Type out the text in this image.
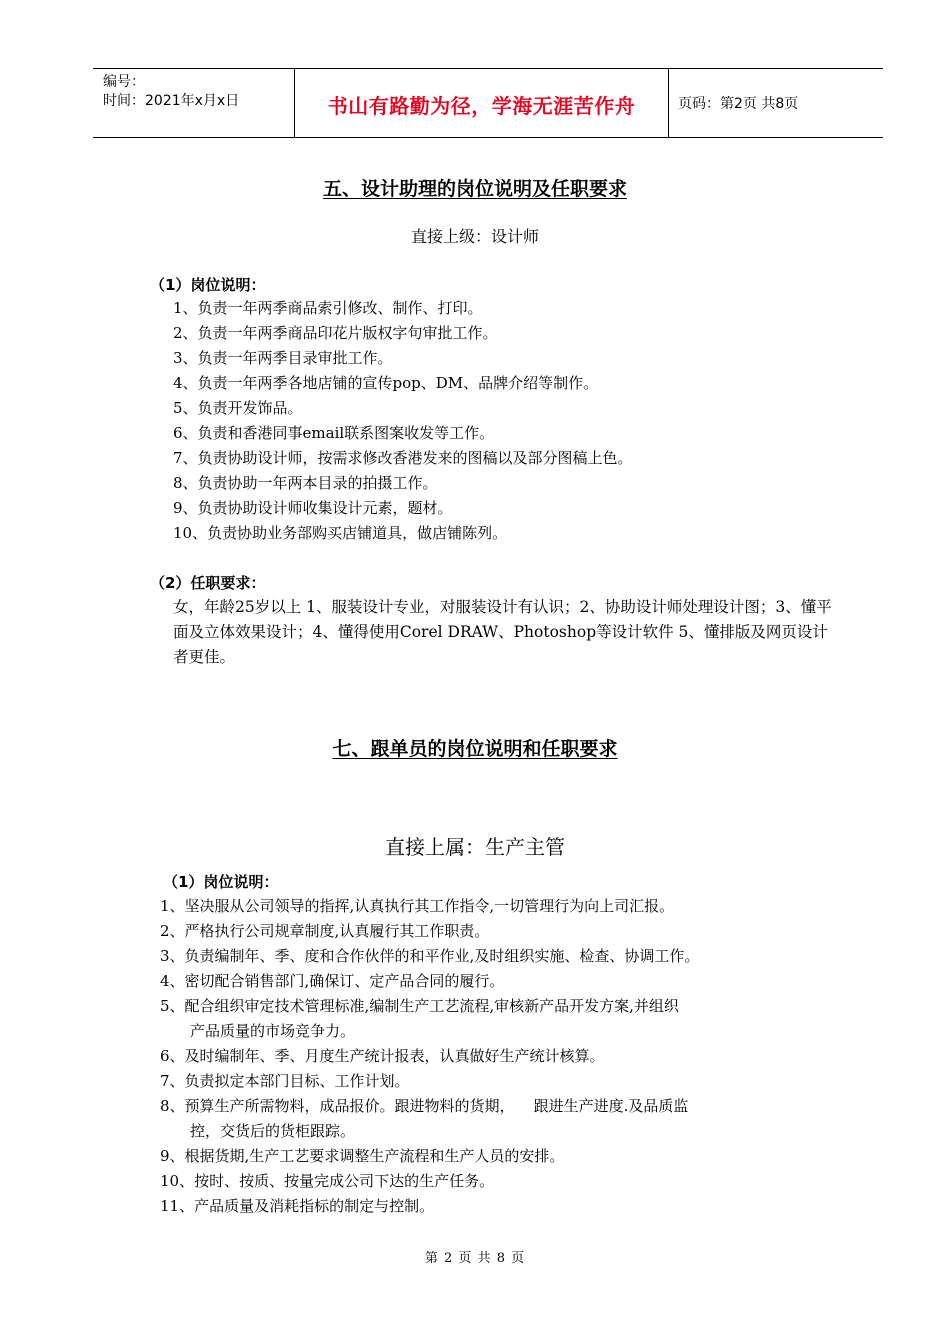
编号：
时间：2021年x月x日	书山有路勤为径，学海无涯苦作舟	页码：第2页 共8页
五、设计助理的岗位说明及任职要求
直接上级：设计师
（1）岗位说明：
1、负责一年两季商品索引修改、制作、打印。
2、负责一年两季商品印花片版权字句审批工作。
3、负责一年两季目录审批工作。
4、负责一年两季各地店铺的宣传pop、DM、品牌介绍等制作。
5、负责开发饰品。
6、负责和香港同事email联系图案收发等工作。
7、负责协助设计师，按需求修改香港发来的图稿以及部分图稿上色。
8、负责协助一年两本目录的拍摄工作。
9、负责协助设计师收集设计元素，题材。
10、负责协助业务部购买店铺道具，做店铺陈列。
（2）任职要求：
女，年龄25岁以上 1、服装设计专业，对服装设计有认识；2、协助设计师处理设计图；3、懂平面及立体效果设计；4、懂得使用Corel DRAW、Photoshop等设计软件 5、懂排版及网页设计者更佳。
七、跟单员的岗位说明和任职要求
直接上属：生产主管
（1）岗位说明：
1、坚决服从公司领导的指挥,认真执行其工作指令,一切管理行为向上司汇报。
2、严格执行公司规章制度,认真履行其工作职责。
3、负责编制年、季、度和合作伙伴的和平作业,及时组织实施、检查、协调工作。
4、密切配合销售部门,确保订、定产品合同的履行。
5、配合组织审定技术管理标准,编制生产工艺流程,审核新产品开发方案,并组织
产品质量的市场竞争力。
6、及时编制年、季、月度生产统计报表，认真做好生产统计核算。
7、负责拟定本部门目标、工作计划。
8、预算生产所需物料，成品报价。跟进物料的货期，    跟进生产进度.及品质监
控，交货后的货柜跟踪。
9、根据货期,生产工艺要求调整生产流程和生产人员的安排。
10、按时、按质、按量完成公司下达的生产任务。
11、产品质量及消耗指标的制定与控制。
第 2 页 共 8 页
